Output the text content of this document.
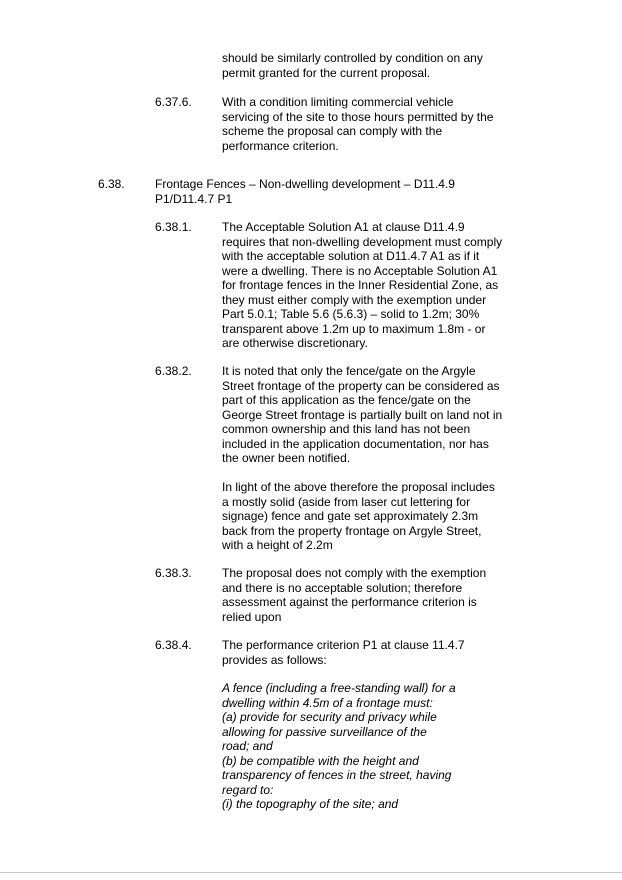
should be similarly controlled by condition on any
permit granted for the current proposal.

6.37.6.	With a condition limiting commercial vehicle
servicing of the site to those hours permitted by the
scheme the proposal can comply with the
performance criterion.

6.38.	Frontage Fences – Non-dwelling development – D11.4.9
P1/D11.4.7 P1

6.38.1.	The Acceptable Solution A1 at clause D11.4.9
requires that non-dwelling development must comply
with the acceptable solution at D11.4.7 A1 as if it
were a dwelling. There is no Acceptable Solution A1
for frontage fences in the Inner Residential Zone, as
they must either comply with the exemption under
Part 5.0.1; Table 5.6 (5.6.3) – solid to 1.2m; 30%
transparent above 1.2m up to maximum 1.8m - or
are otherwise discretionary.

6.38.2.	It is noted that only the fence/gate on the Argyle
Street frontage of the property can be considered as
part of this application as the fence/gate on the
George Street frontage is partially built on land not in
common ownership and this land has not been
included in the application documentation, nor has
the owner been notified.

In light of the above therefore the proposal includes
a mostly solid (aside from laser cut lettering for
signage) fence and gate set approximately 2.3m
back from the property frontage on Argyle Street,
with a height of 2.2m

6.38.3.	The proposal does not comply with the exemption
and there is no acceptable solution; therefore
assessment against the performance criterion is
relied upon

6.38.4.	The performance criterion P1 at clause 11.4.7
provides as follows:

A fence (including a free-standing wall) for a
dwelling within 4.5m of a frontage must:
(a) provide for security and privacy while
allowing for passive surveillance of the
road; and
(b) be compatible with the height and
transparency of fences in the street, having
regard to:
(i) the topography of the site; and
